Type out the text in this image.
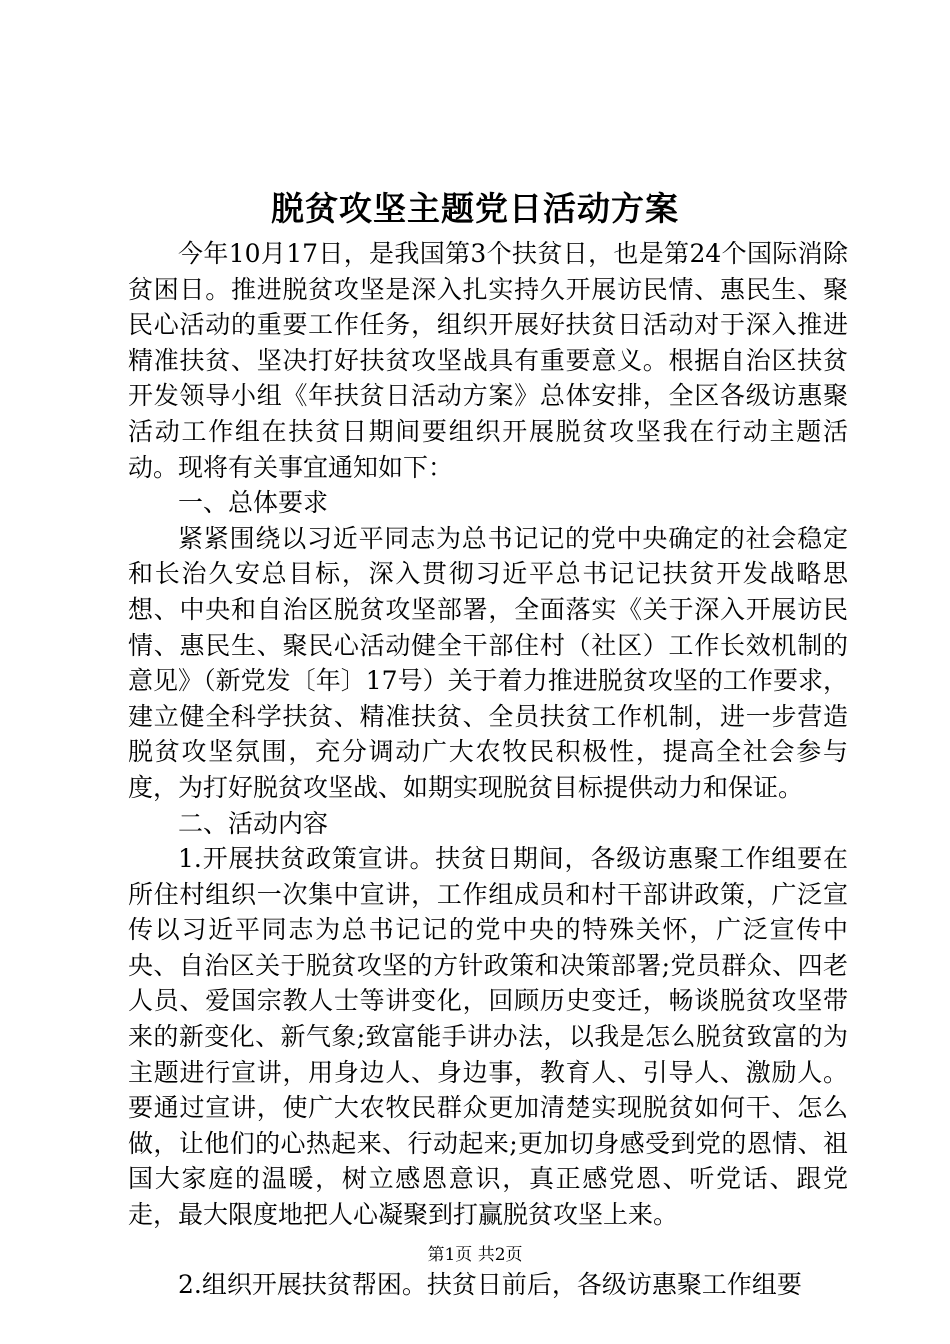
脱贫攻坚主题党日活动方案

今年10月17日，是我国第3个扶贫日，也是第24个国际消除贫困日。推进脱贫攻坚是深入扎实持久开展访民情、惠民生、聚民心活动的重要工作任务，组织开展好扶贫日活动对于深入推进精准扶贫、坚决打好扶贫攻坚战具有重要意义。根据自治区扶贫开发领导小组《年扶贫日活动方案》总体安排，全区各级访惠聚活动工作组在扶贫日期间要组织开展脱贫攻坚我在行动主题活动。现将有关事宜通知如下：

一、总体要求

紧紧围绕以习近平同志为总书记记的党中央确定的社会稳定和长治久安总目标，深入贯彻习近平总书记记扶贫开发战略思想、中央和自治区脱贫攻坚部署，全面落实《关于深入开展访民情、惠民生、聚民心活动健全干部住村（社区）工作长效机制的意见》（新党发〔年〕17号）关于着力推进脱贫攻坚的工作要求，建立健全科学扶贫、精准扶贫、全员扶贫工作机制，进一步营造脱贫攻坚氛围，充分调动广大农牧民积极性，提高全社会参与度，为打好脱贫攻坚战、如期实现脱贫目标提供动力和保证。

二、活动内容

1.开展扶贫政策宣讲。扶贫日期间，各级访惠聚工作组要在所住村组织一次集中宣讲，工作组成员和村干部讲政策，广泛宣传以习近平同志为总书记记的党中央的特殊关怀，广泛宣传中央、自治区关于脱贫攻坚的方针政策和决策部署;党员群众、四老人员、爱国宗教人士等讲变化，回顾历史变迁，畅谈脱贫攻坚带来的新变化、新气象;致富能手讲办法，以我是怎么脱贫致富的为主题进行宣讲，用身边人、身边事，教育人、引导人、激励人。要通过宣讲，使广大农牧民群众更加清楚实现脱贫如何干、怎么做，让他们的心热起来、行动起来;更加切身感受到党的恩情、祖国大家庭的温暖，树立感恩意识，真正感党恩、听党话、跟党走，最大限度地把人心凝聚到打赢脱贫攻坚上来。

2.组织开展扶贫帮困。扶贫日前后，各级访惠聚工作组要

第1页 共2页
